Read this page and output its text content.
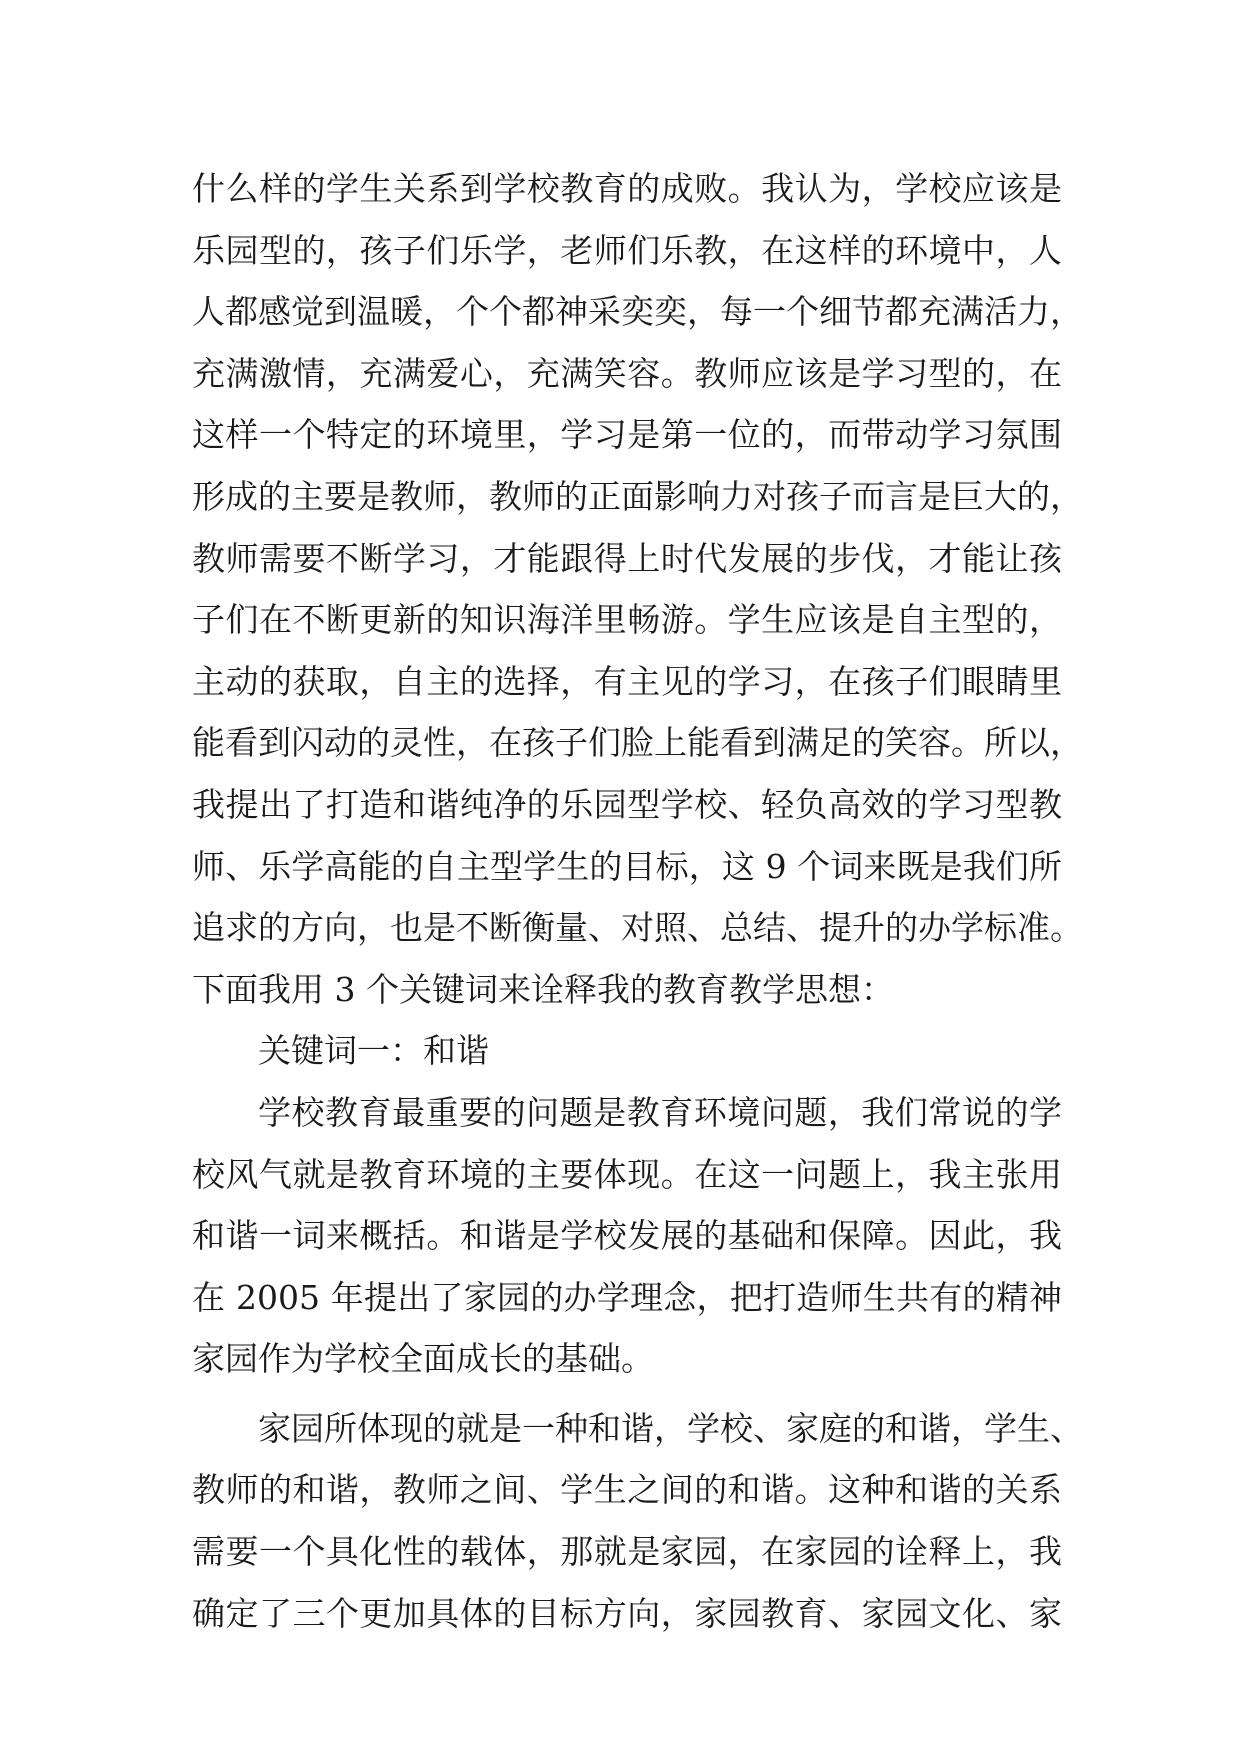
什么样的学生关系到学校教育的成败。我认为，学校应该是
乐园型的，孩子们乐学，老师们乐教，在这样的环境中，人
人都感觉到温暖，个个都神采奕奕，每一个细节都充满活力，
充满激情，充满爱心，充满笑容。教师应该是学习型的，在
这样一个特定的环境里，学习是第一位的，而带动学习氛围
形成的主要是教师，教师的正面影响力对孩子而言是巨大的，
教师需要不断学习，才能跟得上时代发展的步伐，才能让孩
子们在不断更新的知识海洋里畅游。学生应该是自主型的，
主动的获取，自主的选择，有主见的学习，在孩子们眼睛里
能看到闪动的灵性，在孩子们脸上能看到满足的笑容。所以，
我提出了打造和谐纯净的乐园型学校、轻负高效的学习型教
师、乐学高能的自主型学生的目标，这 9 个词来既是我们所
追求的方向，也是不断衡量、对照、总结、提升的办学标准。
下面我用 3 个关键词来诠释我的教育教学思想：
关键词一：和谐
学校教育最重要的问题是教育环境问题，我们常说的学
校风气就是教育环境的主要体现。在这一问题上，我主张用
和谐一词来概括。和谐是学校发展的基础和保障。因此，我
在 2005 年提出了家园的办学理念，把打造师生共有的精神
家园作为学校全面成长的基础。
家园所体现的就是一种和谐，学校、家庭的和谐，学生、
教师的和谐，教师之间、学生之间的和谐。这种和谐的关系
需要一个具化性的载体，那就是家园，在家园的诠释上，我
确定了三个更加具体的目标方向，家园教育、家园文化、家
